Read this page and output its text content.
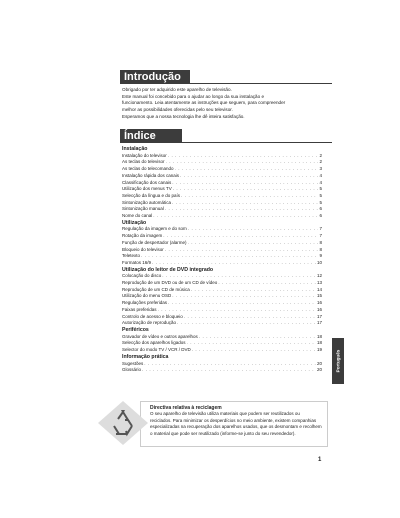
Introdução

Obrigado por ter adquirido este aparelho de televisão.

Este manual foi concebido para o ajudar ao longo da sua instalação e

funcionamento. Leia atentamente as instruções que seguem, para compreender

melhor as possibilidades oferecidas pelo seu televisor.

Esperamos que a nossa tecnologia lhe dê inteira satisfação.

Índice
Instalação
Instalação do televisor . . .	2
As teclas do televisor . . .	2
As teclas do telecomando . . .	3
Instalação rápida dos canais . . .	4
Classificação dos canais . . .	4
Utilização dos menus TV . . .	5
Selecção da língua e do país . . .	5
Sintonização automática . . .	5
Sintonização manual . . .	6
Nome do canal . . .	6
Utilização
Regulação da imagem e do som . . .	7
Rotação da imagem . . .	7
Função de despertador (alarme) . . .	8
Bloqueio do televisor . . .	8
Teletexto . . .	9
Formatos 16/9 . . .	10
Utilização do leitor de DVD integrado
Colocação do disco . . .	12
Reprodução de um DVD ou de um CD de vídeo . . .	13
Reprodução de um CD de música . . .	14
Utilização do menu OSD . . .	15
Regulações preferidas . . .	16
Faixas preferidas . . .	16
Controlo de acesso e bloqueio . . .	17
Autorização de reprodução . . .	17
Periféricos
Gravador de vídeo e outros aparelhos . . .	18
Selecção dos aparelhos ligados . . .	18
Selector do modo TV / VCR / DVD . . .	19
Informação prática
Sugestões . . .	20
Glossário . . .	20	Português
Directiva relativa à reciclagem
O seu aparelho de televisão utiliza materiais que podem ser reutilizados ou
reciclados. Para minimizar os desperdícios no meio ambiente, existem companhias
especializadas na recuperação dos aparelhos usados, que os desmontam e recolhem
o material que pode ser reutilizado (informe-se junto do seu revendedor).
1
